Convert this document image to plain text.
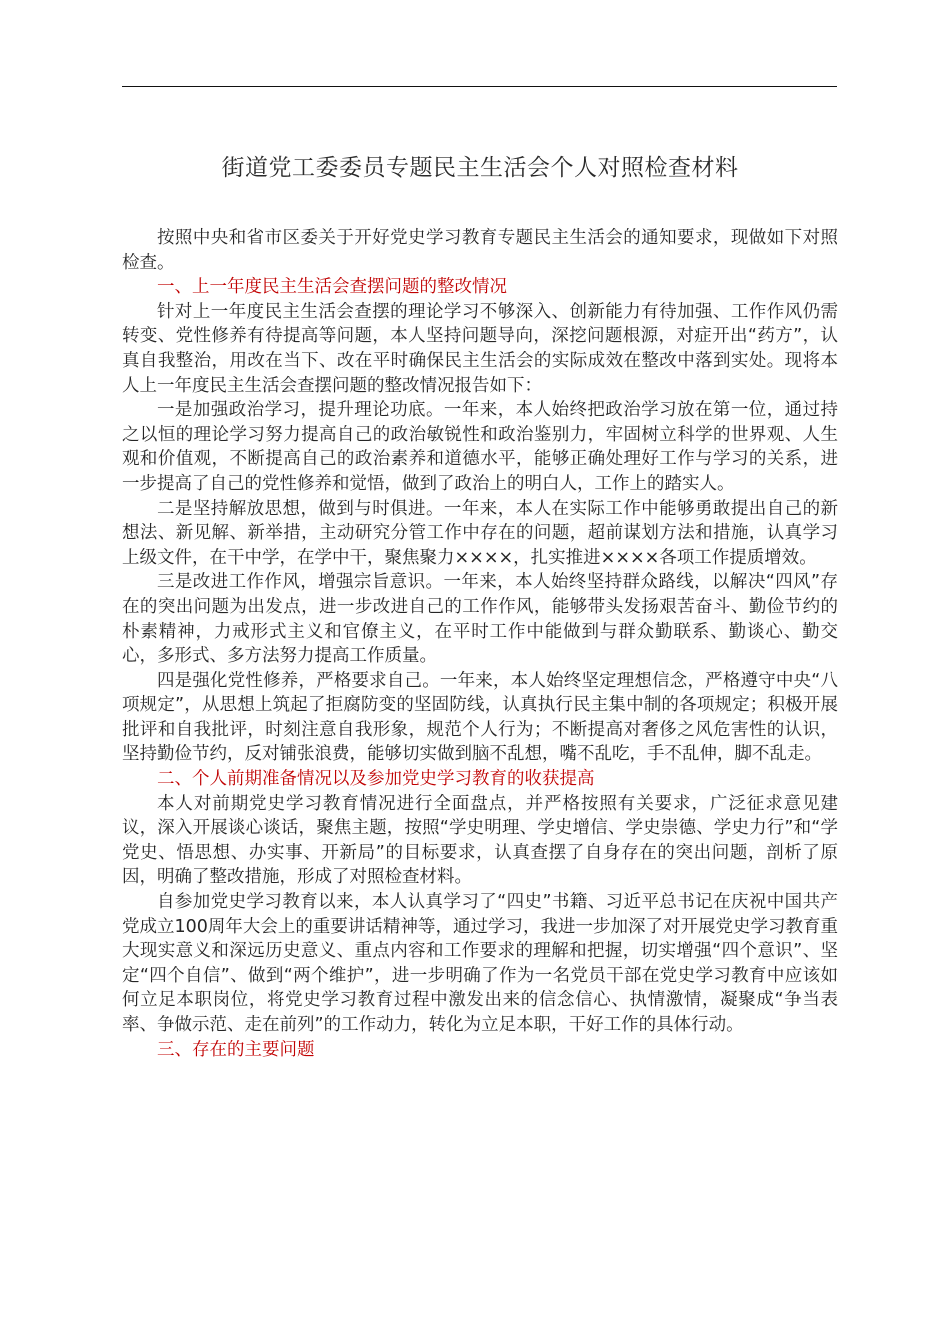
街道党工委委员专题民主生活会个人对照检查材料

按照中央和省市区委关于开好党史学习教育专题民主生活会的通知要求，现做如下对照检查。

一、上一年度民主生活会查摆问题的整改情况

针对上一年度民主生活会查摆的理论学习不够深入、创新能力有待加强、工作作风仍需转变、党性修养有待提高等问题，本人坚持问题导向，深挖问题根源，对症开出“药方”，认真自我整治，用改在当下、改在平时确保民主生活会的实际成效在整改中落到实处。现将本人上一年度民主生活会查摆问题的整改情况报告如下：

一是加强政治学习，提升理论功底。一年来，本人始终把政治学习放在第一位，通过持之以恒的理论学习努力提高自己的政治敏锐性和政治鉴别力，牢固树立科学的世界观、人生观和价值观，不断提高自己的政治素养和道德水平，能够正确处理好工作与学习的关系，进一步提高了自己的党性修养和觉悟，做到了政治上的明白人，工作上的踏实人。

二是坚持解放思想，做到与时俱进。一年来，本人在实际工作中能够勇敢提出自己的新想法、新见解、新举措，主动研究分管工作中存在的问题，超前谋划方法和措施，认真学习上级文件，在干中学，在学中干，聚焦聚力××××，扎实推进××××各项工作提质增效。

三是改进工作作风，增强宗旨意识。一年来，本人始终坚持群众路线，以解决“四风”存在的突出问题为出发点，进一步改进自己的工作作风，能够带头发扬艰苦奋斗、勤俭节约的朴素精神，力戒形式主义和官僚主义，在平时工作中能做到与群众勤联系、勤谈心、勤交心，多形式、多方法努力提高工作质量。

四是强化党性修养，严格要求自己。一年来，本人始终坚定理想信念，严格遵守中央“八项规定”，从思想上筑起了拒腐防变的坚固防线，认真执行民主集中制的各项规定；积极开展批评和自我批评，时刻注意自我形象，规范个人行为；不断提高对奢侈之风危害性的认识，坚持勤俭节约，反对铺张浪费，能够切实做到脑不乱想，嘴不乱吃，手不乱伸，脚不乱走。

二、个人前期准备情况以及参加党史学习教育的收获提高

本人对前期党史学习教育情况进行全面盘点，并严格按照有关要求，广泛征求意见建议，深入开展谈心谈话，聚焦主题，按照“学史明理、学史增信、学史崇德、学史力行”和“学党史、悟思想、办实事、开新局”的目标要求，认真查摆了自身存在的突出问题，剖析了原因，明确了整改措施，形成了对照检查材料。

自参加党史学习教育以来，本人认真学习了“四史”书籍、习近平总书记在庆祝中国共产党成立100周年大会上的重要讲话精神等，通过学习，我进一步加深了对开展党史学习教育重大现实意义和深远历史意义、重点内容和工作要求的理解和把握，切实增强“四个意识”、坚定“四个自信”、做到“两个维护”，进一步明确了作为一名党员干部在党史学习教育中应该如何立足本职岗位，将党史学习教育过程中激发出来的信念信心、执情激情，凝聚成“争当表率、争做示范、走在前列”的工作动力，转化为立足本职，干好工作的具体行动。

三、存在的主要问题
